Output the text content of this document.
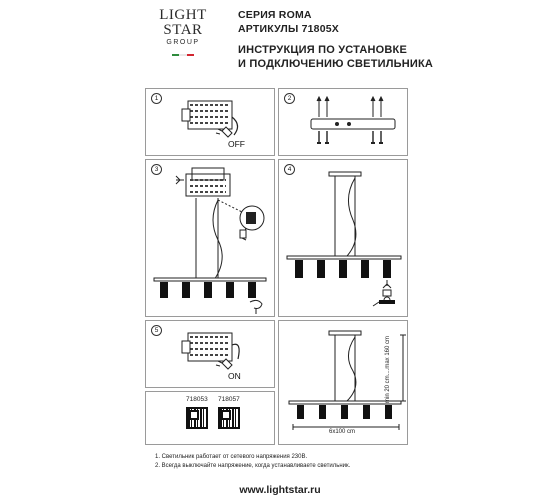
LIGHT
STAR
GROUP
СЕРИЯ ROMA
АРТИКУЛЫ 71805X
ИНСТРУКЦИЯ ПО УСТАНОВКЕ
И ПОДКЛЮЧЕНИЮ СВЕТИЛЬНИКА
1
OFF
2
3	4
5
ON
718053 718057
6x100 cm
min 20 cm....max 160 cm
1. Светильник работает от сетевого напряжения 230В.
2. Всегда выключайте напряжение, когда устанавливаете светильник.
www.lightstar.ru
